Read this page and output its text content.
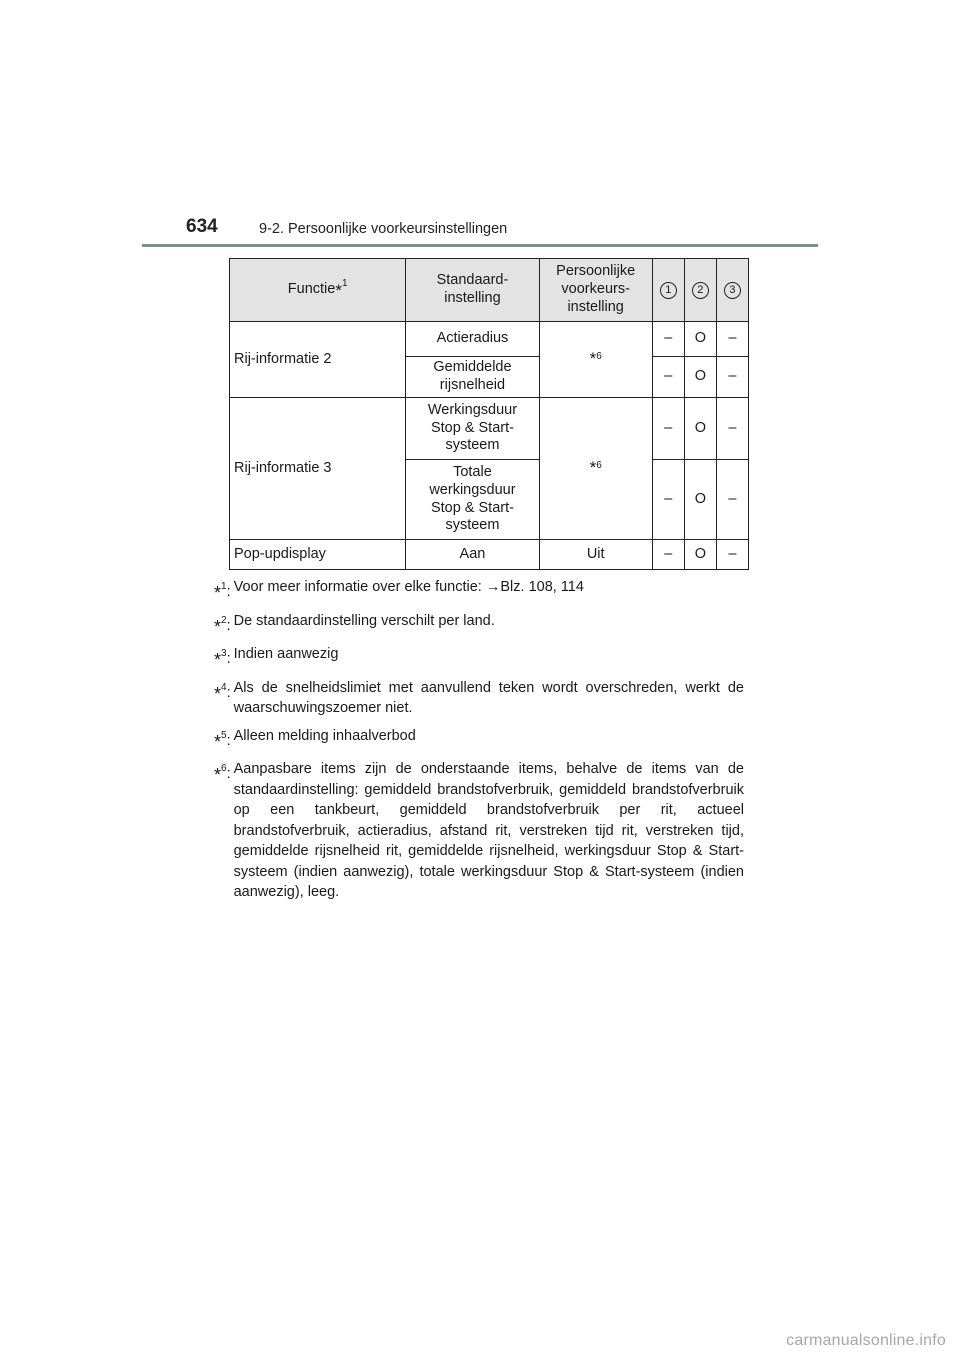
634	9-2. Persoonlijke voorkeursinstellingen
Functie*$^1$	Standaard-instelling	Persoonlijke voorkeurs-instelling	1	2	3
Rij-informatie 2	Actieradius	*6	–	O	–

	Gemiddelde rijsnelheid		–	O	–
Rij-informatie 3	Werkingsduur Stop & Start-systeem	*6	–	O	–

	Totale werkingsduur Stop & Start-systeem		–	O	–
Pop-updisplay	Aan	Uit	–	O	–
*$^1$: Voor meer informatie over elke functie: →Blz. 108, 114
*$^2$: De standaardinstelling verschilt per land.
*$^3$: Indien aanwezig
*$^4$: Als de snelheidslimiet met aanvullend teken wordt overschreden, werkt de waarschuwingszoemer niet.
*$^5$: Alleen melding inhaalverbod
*$^6$: Aanpasbare items zijn de onderstaande items, behalve de items van de standaardinstelling: gemiddeld brandstofverbruik, gemiddeld brandstofverbruik op een tankbeurt, gemiddeld brandstofverbruik per rit, actueel brandstofverbruik, actieradius, afstand rit, verstreken tijd rit, verstreken tijd, gemiddelde rijsnelheid rit, gemiddelde rijsnelheid, werkingsduur Stop & Start-systeem (indien aanwezig), totale werkingsduur Stop & Start-systeem (indien aanwezig), leeg.
carmanualsonline.info
